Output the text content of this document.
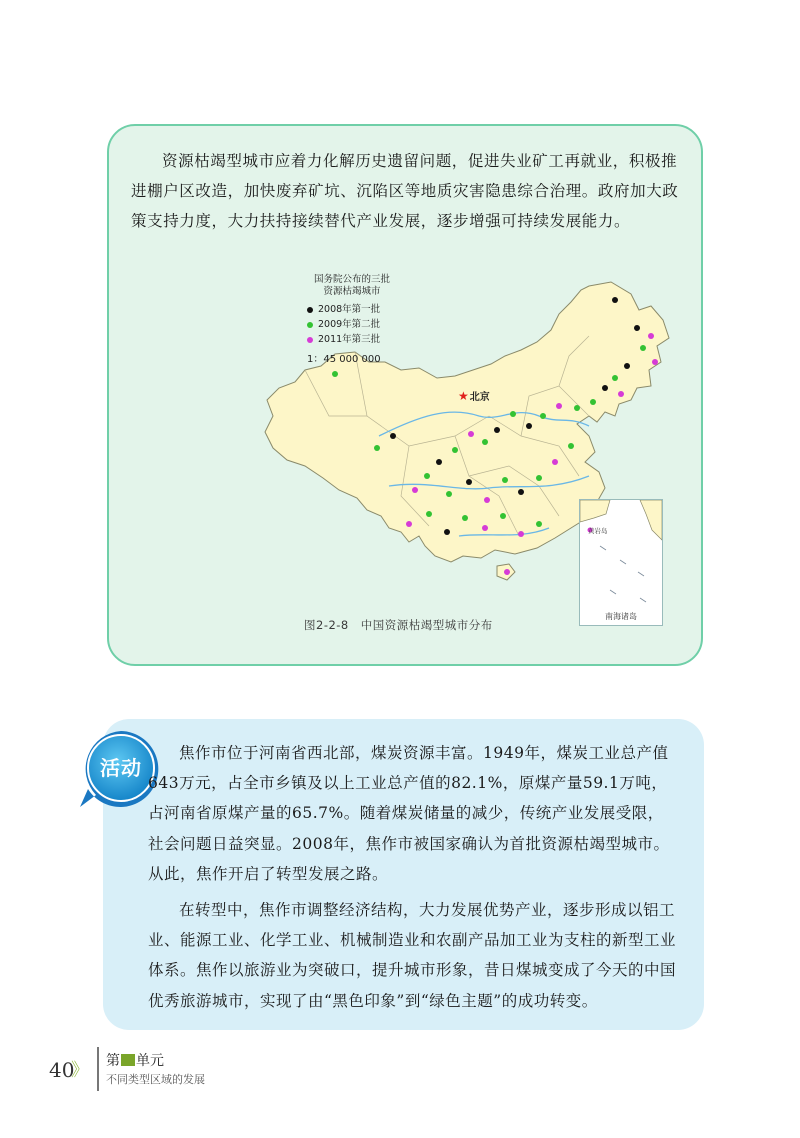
资源枯竭型城市应着力化解历史遗留问题，促进失业矿工再就业，积极推进棚户区改造，加快废弃矿坑、沉陷区等地质灾害隐患综合治理。政府加大政策支持力度，大力扶持接续替代产业发展，逐步增强可持续发展能力。

国务院公布的三批
资源枯竭城市
2008年第一批
2009年第二批
2011年第三批
1：45 000 000
★北京
黄岩岛
南海诸岛
图2-2-8 中国资源枯竭型城市分布
活动

焦作市位于河南省西北部，煤炭资源丰富。1949年，煤炭工业总产值643万元，占全市乡镇及以上工业总产值的82.1%，原煤产量59.1万吨，占河南省原煤产量的65.7%。随着煤炭储量的减少，传统产业发展受限，社会问题日益突显。2008年，焦作市被国家确认为首批资源枯竭型城市。从此，焦作开启了转型发展之路。

在转型中，焦作市调整经济结构，大力发展优势产业，逐步形成以铝工业、能源工业、化学工业、机械制造业和农副产品加工业为支柱的新型工业体系。焦作以旅游业为突破口，提升城市形象，昔日煤城变成了今天的中国优秀旅游城市，实现了由“黑色印象”到“绿色主题”的成功转变。

40
》 第 单元
不同类型区域的发展
